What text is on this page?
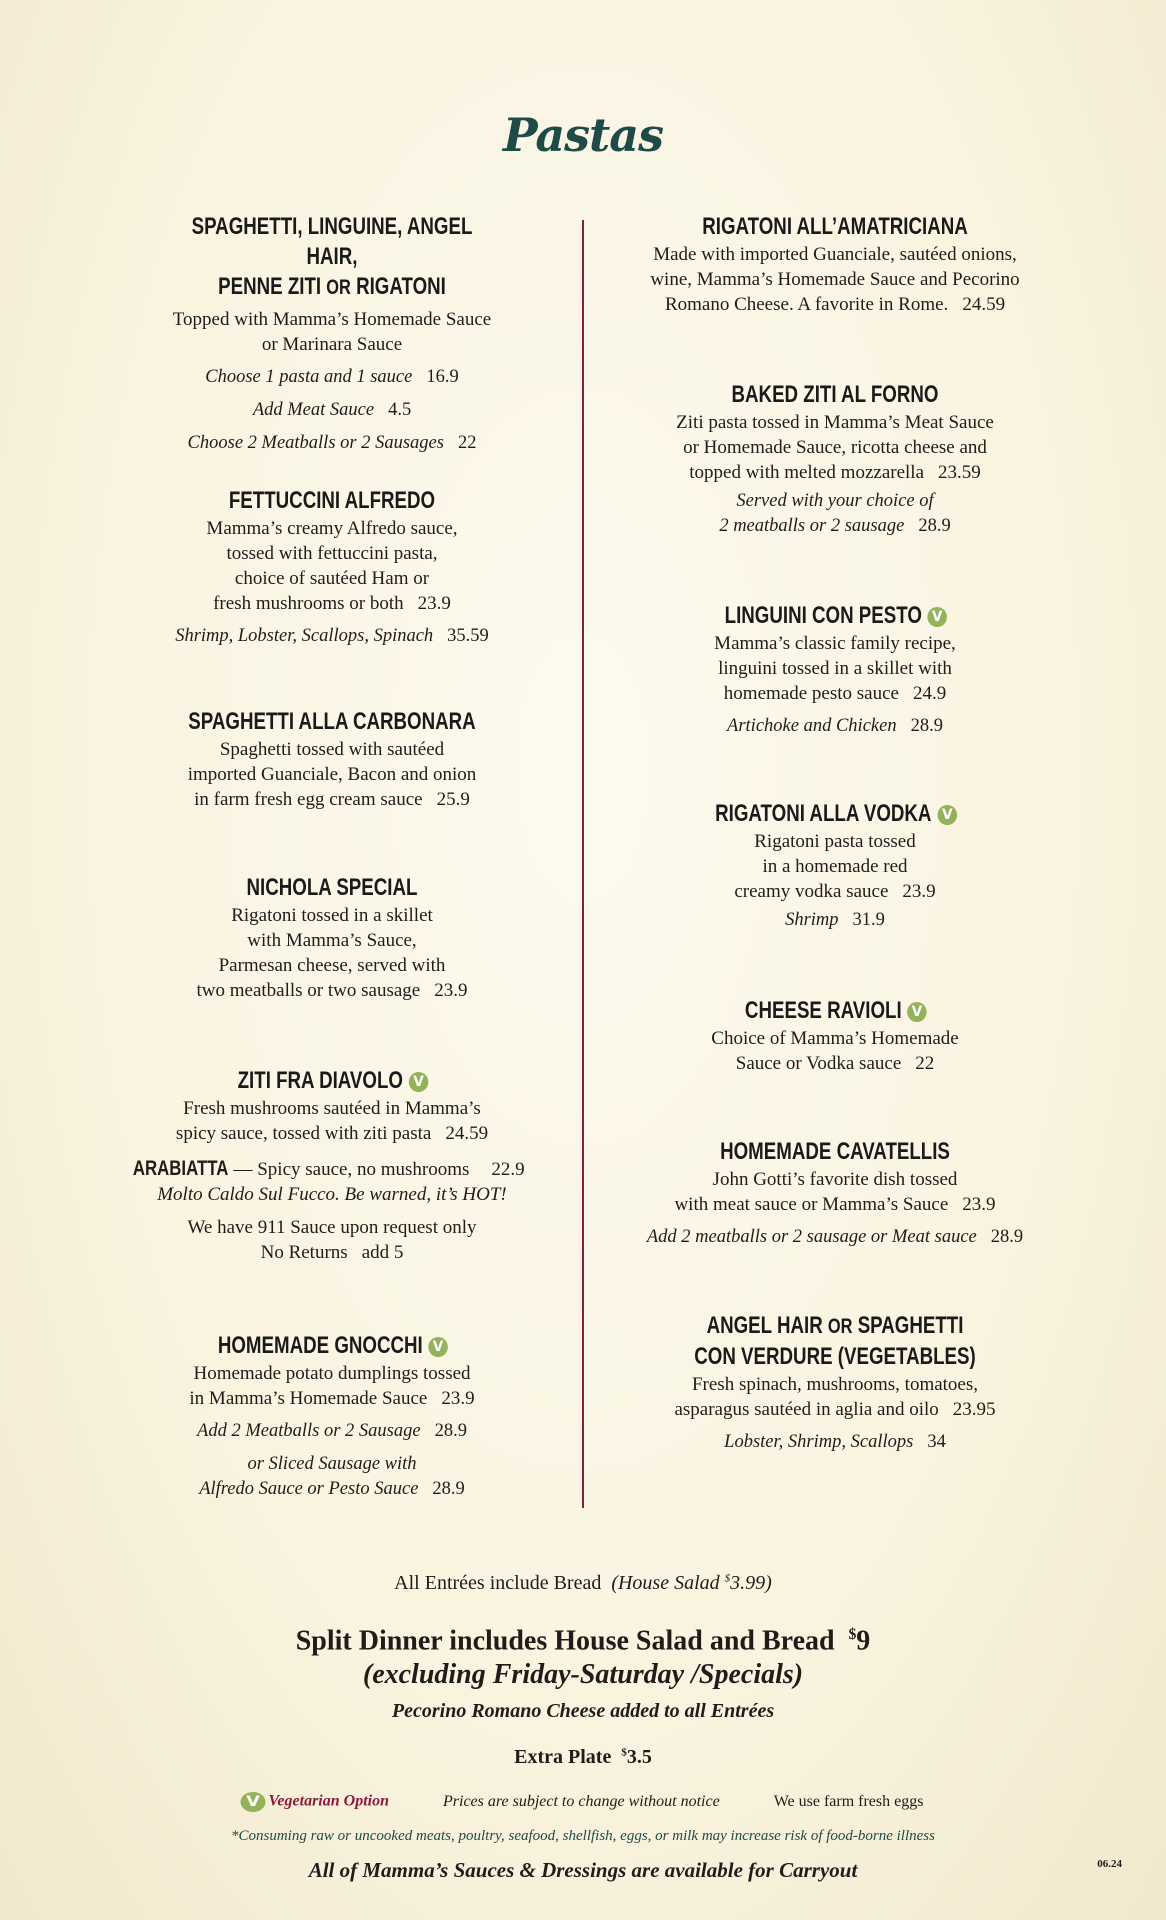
Pastas
SPAGHETTI, LINGUINE, ANGEL HAIR,
PENNE ZITI OR RIGATONI
Topped with Mamma’s Homemade Sauce
or Marinara Sauce
Choose 1 pasta and 1 sauce 16.9
Add Meat Sauce 4.5
Choose 2 Meatballs or 2 Sausages 22
FETTUCCINI ALFREDO
Mamma’s creamy Alfredo sauce,
tossed with fettuccini pasta,
choice of sautéed Ham or
fresh mushrooms or both 23.9
Shrimp, Lobster, Scallops, Spinach 35.59
SPAGHETTI ALLA CARBONARA
Spaghetti tossed with sautéed
imported Guanciale, Bacon and onion
in farm fresh egg cream sauce 25.9
NICHOLA SPECIAL
Rigatoni tossed in a skillet
with Mamma’s Sauce,
Parmesan cheese, served with
two meatballs or two sausage 23.9
ZITI FRA DIAVOLO V
Fresh mushrooms sautéed in Mamma’s
spicy sauce, tossed with ziti pasta 24.59
ARABIATTA — Spicy sauce, no mushrooms 22.9
Molto Caldo Sul Fucco. Be warned, it’s HOT!
We have 911 Sauce upon request only
No Returns add 5
HOMEMADE GNOCCHI V
Homemade potato dumplings tossed
in Mamma’s Homemade Sauce 23.9
Add 2 Meatballs or 2 Sausage 28.9
or Sliced Sausage with
Alfredo Sauce or Pesto Sauce 28.9
RIGATONI ALL’AMATRICIANA
Made with imported Guanciale, sautéed onions,
wine, Mamma’s Homemade Sauce and Pecorino
Romano Cheese. A favorite in Rome. 24.59
BAKED ZITI AL FORNO
Ziti pasta tossed in Mamma’s Meat Sauce
or Homemade Sauce, ricotta cheese and
topped with melted mozzarella 23.59
Served with your choice of
2 meatballs or 2 sausage 28.9
LINGUINI CON PESTO V
Mamma’s classic family recipe,
linguini tossed in a skillet with
homemade pesto sauce 24.9
Artichoke and Chicken 28.9
RIGATONI ALLA VODKA V
Rigatoni pasta tossed
in a homemade red
creamy vodka sauce 23.9
Shrimp 31.9
CHEESE RAVIOLI V
Choice of Mamma’s Homemade
Sauce or Vodka sauce 22
HOMEMADE CAVATELLIS
John Gotti’s favorite dish tossed
with meat sauce or Mamma’s Sauce 23.9
Add 2 meatballs or 2 sausage or Meat sauce 28.9
ANGEL HAIR OR SPAGHETTI
CON VERDURE (VEGETABLES)
Fresh spinach, mushrooms, tomatoes,
asparagus sautéed in aglia and oilo 23.95
Lobster, Shrimp, Scallops 34
All Entrées include Bread (House Salad $3.99)
Split Dinner includes House Salad and Bread $9
(excluding Friday-Saturday /Specials)
Pecorino Romano Cheese added to all Entrées
Extra Plate $3.5
V Vegetarian Option	Prices are subject to change without notice	We use farm fresh eggs
*Consuming raw or uncooked meats, poultry, seafood, shellfish, eggs, or milk may increase risk of food-borne illness
All of Mamma’s Sauces & Dressings are available for Carryout	06.24
